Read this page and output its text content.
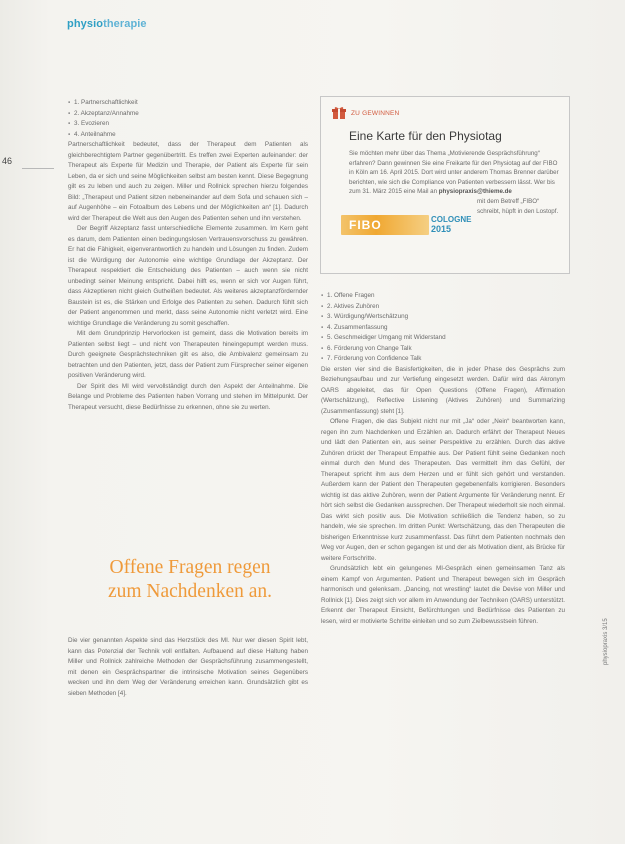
physiotherapie
46
▪ 1. Partnerschaftlichkeit
▪ 2. Akzeptanz/Annahme
▪ 3. Evozieren
▪ 4. Anteilnahme

Partnerschaftlichkeit bedeutet, dass der Therapeut dem Patienten als gleichberechtigtem Partner gegenübertritt. Es treffen zwei Experten aufeinander: der Therapeut als Experte für Medizin und Therapie, der Patient als Experte für sein Leben, da er sich und seine Möglichkeiten selbst am besten kennt. Diese Begegnung gilt es zu leben und auch zu zeigen. Miller und Rollnick sprechen hierzu folgendes Bild: „Therapeut und Patient sitzen nebeneinander auf dem Sofa und schauen sich – auf Augenhöhe – ein Fotoalbum des Lebens und der Möglichkeiten an“ [1]. Dadurch wird der Therapeut die Welt aus den Augen des Patienten sehen und ihn verstehen.

Der Begriff Akzeptanz fasst unterschiedliche Elemente zusammen. Im Kern geht es darum, dem Patienten einen bedingungslosen Vertrauensvorschuss zu gewähren. Er hat die Fähigkeit, eigenverantwortlich zu handeln und Lösungen zu finden. Zudem ist die Würdigung der Autonomie eine wichtige Grundlage der Akzeptanz. Der Therapeut respektiert die Entscheidung des Patienten – auch wenn sie nicht unbedingt seiner Meinung entspricht. Dabei hilft es, wenn er sich vor Augen führt, dass Akzeptieren nicht gleich Gutheißen bedeutet. Als weiteres akzeptanzfördernder Baustein ist es, die Stärken und Erfolge des Patienten zu sehen. Dadurch fühlt sich der Patient angenommen und merkt, dass seine Autonomie nicht verletzt wird. Eine wichtige Grundlage die Veränderung zu somit geschaffen.

Mit dem Grundprinzip Hervorlocken ist gemeint, dass die Motivation bereits im Patienten selbst liegt – und nicht von Therapeuten hineingepumpt werden muss. Durch geeignete Gesprächstechniken gilt es also, die Ambivalenz gemeinsam zu betrachten und den Patienten, jetzt, dass der Patient zum Fürsprecher seiner eigenen positiven Veränderung wird.

Der Spirit des MI wird vervollständigt durch den Aspekt der Anteilnahme. Die Belange und Probleme des Patienten haben Vorrang und stehen im Mittelpunkt. Der Therapeut versucht, diese Bedürfnisse zu erkennen, ohne sie zu werten.

Offene Fragen regen
zum Nachdenken an.

Die vier genannten Aspekte sind das Herzstück des MI. Nur wer diesen Spirit lebt, kann das Potenzial der Technik voll entfalten. Aufbauend auf diese Haltung haben Miller und Rollnick zahlreiche Methoden der Gesprächsführung zusammengestellt, mit denen ein Gesprächspartner die intrinsische Motivation seines Gegenübers wecken und ihn dem Weg der Veränderung erreichen kann. Grundsätzlich gibt es sieben Methoden [4].

ZU GEWINNEN
Eine Karte für den Physiotag

Sie möchten mehr über das Thema „Motivierende Gesprächsführung“ erfahren? Dann gewinnen Sie eine Freikarte für den Physiotag auf der FIBO in Köln am 16. April 2015. Dort wird unter anderem Thomas Brenner darüber berichten, wie sich die Compliance von Patienten verbessern lässt. Wer bis zum 31. März 2015 eine Mail an physiopraxis@thieme.de

mit dem Betreff „FIBO“ schreibt, hüpft in den Lostopf.

FIBO	COLOGNE
2015
▪ 1. Offene Fragen
▪ 2. Aktives Zuhören
▪ 3. Würdigung/Wertschätzung
▪ 4. Zusammenfassung
▪ 5. Geschmeidiger Umgang mit Widerstand
▪ 6. Förderung von Change Talk
▪ 7. Förderung von Confidence Talk

Die ersten vier sind die Basisfertigkeiten, die in jeder Phase des Gesprächs zum Beziehungsaufbau und zur Vertiefung eingesetzt werden. Dafür wird das Akronym OARS abgeleitet, das für Open Questions (Offene Fragen), Affirmation (Wertschätzung), Reflective Listening (Aktives Zuhören) und Summarizing (Zusammenfassung) steht [1].

Offene Fragen, die das Subjekt nicht nur mit „Ja“ oder „Nein“ beantworten kann, regen ihn zum Nachdenken und Erzählen an. Dadurch erfährt der Therapeut Neues und lädt den Patienten ein, aus seiner Perspektive zu erzählen. Durch das aktive Zuhören drückt der Therapeut Empathie aus. Der Patient fühlt seine Gedanken noch einmal durch den Mund des Therapeuten. Das vermittelt ihm das Gefühl, der Therapeut spricht ihm aus dem Herzen und er fühlt sich gehört und verstanden. Außerdem kann der Patient den Therapeuten gegebenenfalls korrigieren. Besonders wichtig ist das aktive Zuhören, wenn der Patient Argumente für Veränderung nennt. Er hört sich selbst die Gedanken aussprechen. Der Therapeut wiederholt sie noch einmal. Das wirkt sich positiv aus. Die Motivation schließlich die Tendenz haben, so zu handeln, wie sie sprechen. Im dritten Punkt: Wertschätzung, das den Therapeuten die bisherigen Erkenntnisse kurz zusammenfasst. Das führt dem Patienten nochmals den Weg vor Augen, den er schon gegangen ist und der als Motivation dient, als Brücke für weitere Fortschritte.

Grundsätzlich lebt ein gelungenes MI-Gespräch einen gemeinsamen Tanz als einem Kampf von Argumenten. Patient und Therapeut bewegen sich im Gespräch harmonisch und gelenksam. „Dancing, not wrestling“ lautet die Devise von Miller und Rollnick [1]. Dies zeigt sich vor allem im Anwendung der Techniken (OARS) unterstützt. Erkennt der Therapeut Einsicht, Befürchtungen und Bedürfnisse des Patienten zu lesen, wird er motivierte Schritte einleiten und so zum Zielbewusstsein führen.	physiopraxis 3/15
